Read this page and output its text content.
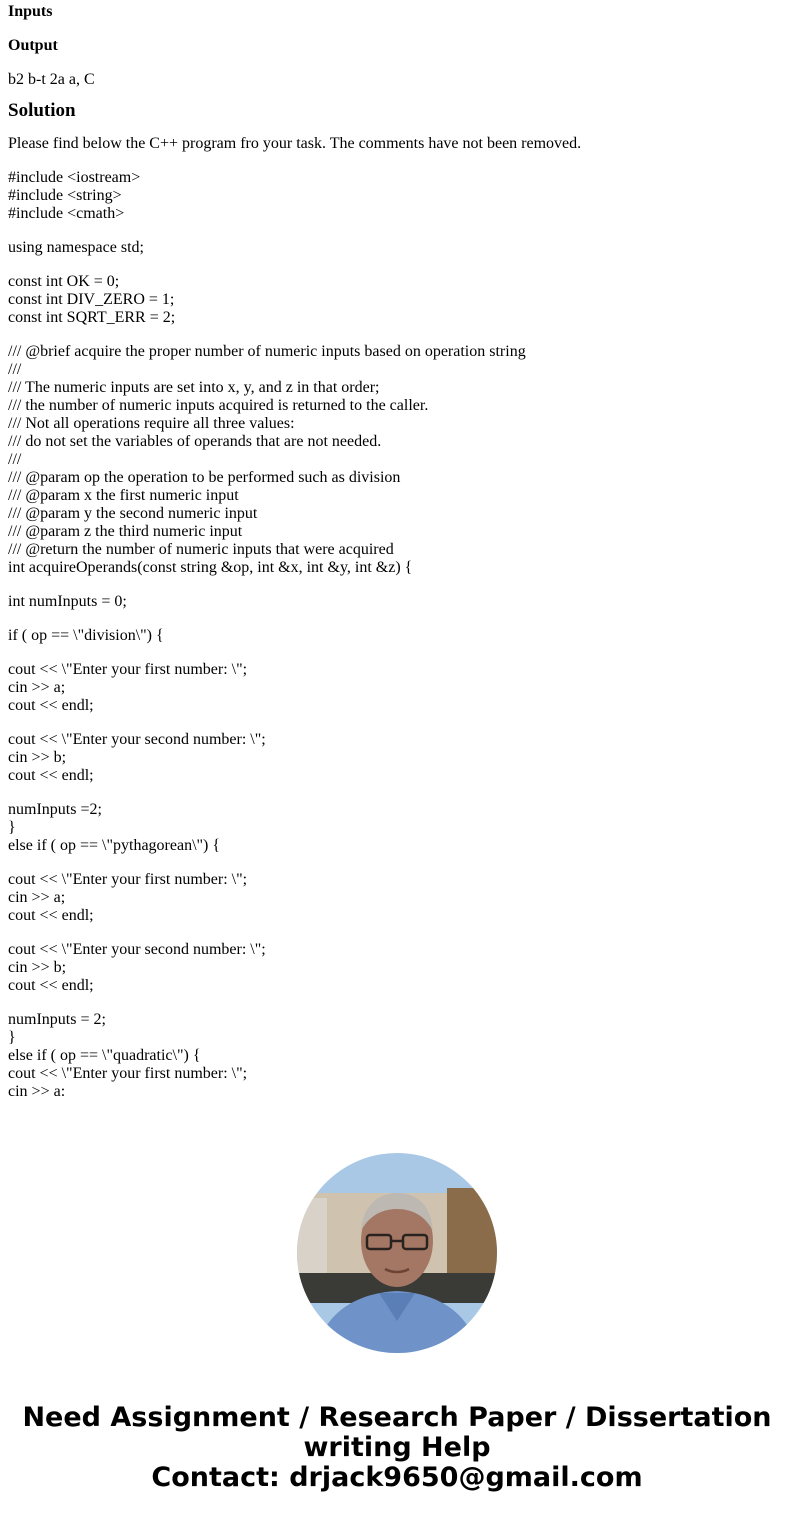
Inputs
Output
b2 b-t 2a a, C
Solution
Please find below the C++ program fro your task. The comments have not been removed.
#include <iostream>
#include <string>
#include <cmath>
using namespace std;
const int OK = 0;
const int DIV_ZERO = 1;
const int SQRT_ERR = 2;
/// @brief acquire the proper number of numeric inputs based on operation string
///
/// The numeric inputs are set into x, y, and z in that order;
/// the number of numeric inputs acquired is returned to the caller.
/// Not all operations require all three values:
/// do not set the variables of operands that are not needed.
///
/// @param op the operation to be performed such as division
/// @param x the first numeric input
/// @param y the second numeric input
/// @param z the third numeric input
/// @return the number of numeric inputs that were acquired
int acquireOperands(const string &op, int &x, int &y, int &z) {
int numInputs = 0;
if ( op == \"division\") {
cout << \"Enter your first number: \";
cin >> a;
cout << endl;
cout << \"Enter your second number: \";
cin >> b;
cout << endl;
numInputs =2;
}
else if ( op == \"pythagorean\") {
cout << \"Enter your first number: \";
cin >> a;
cout << endl;
cout << \"Enter your second number: \";
cin >> b;
cout << endl;
numInputs = 2;
}
else if ( op == \"quadratic\") {
cout << \"Enter your first number: \";
cin >> a:
Need Assignment / Research Paper / Dissertation
writing Help
Contact: drjack9650@gmail.com
